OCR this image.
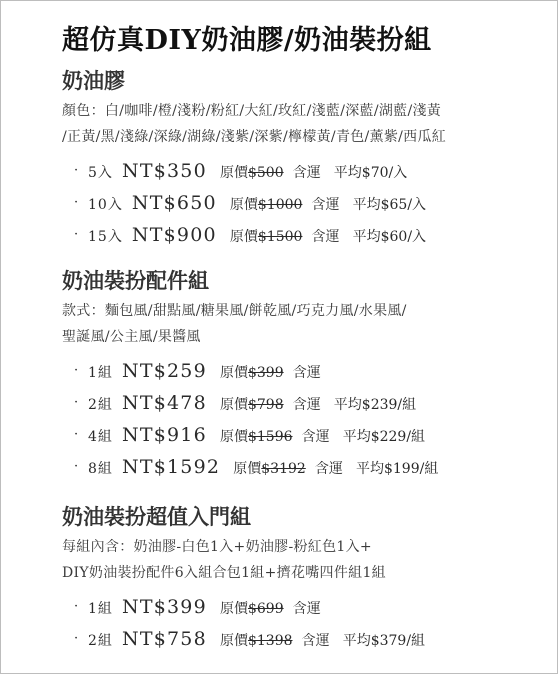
超仿真DIY奶油膠/奶油裝扮組
奶油膠
顏色：白/咖啡/橙/淺粉/粉紅/大紅/玫紅/淺藍/深藍/湖藍/淺黃
/正黃/黑/淺綠/深綠/湖綠/淺紫/深紫/檸檬黃/青色/薰紫/西瓜紅
· 5入 NT$350 原價$500 含運 平均$70/入
· 10入 NT$650 原價$1000 含運 平均$65/入
· 15入 NT$900 原價$1500 含運 平均$60/入
奶油裝扮配件組
款式：麵包風/甜點風/糖果風/餅乾風/巧克力風/水果風/
聖誕風/公主風/果醬風
· 1組 NT$259 原價$399 含運
· 2組 NT$478 原價$798 含運 平均$239/組
· 4組 NT$916 原價$1596 含運 平均$229/組
· 8組 NT$1592 原價$3192 含運 平均$199/組
奶油裝扮超值入門組
每組內含：奶油膠-白色1入+奶油膠-粉紅色1入+
DIY奶油裝扮配件6入組合包1組+擠花嘴四件組1組
· 1組 NT$399 原價$699 含運
· 2組 NT$758 原價$1398 含運 平均$379/組
